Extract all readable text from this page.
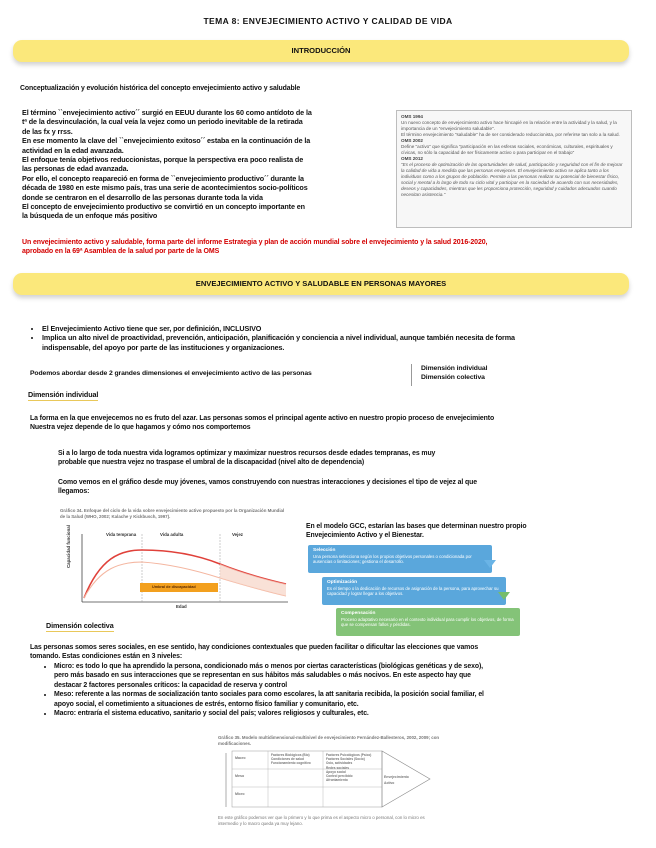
TEMA 8: ENVEJECIMIENTO ACTIVO Y CALIDAD DE VIDA
INTRODUCCIÓN
Conceptualización y evolución histórica del concepto envejecimiento activo y saludable
El término ``envejecimiento activo´´ surgió en EEUU durante los 60 como antídoto de la
tª de la desvinculación, la cual veía la vejez como un periodo inevitable de la retirada
de las fx y rrss.
En ese momento la clave del ``envejecimiento exitoso´´ estaba en la continuación de la
actividad en la edad avanzada.
El enfoque tenía objetivos reduccionistas, porque la perspectiva era poco realista de
las personas de edad avanzada.
Por ello, el concepto reapareció en forma de ``envejecimiento productivo´´ durante la
década de 1980 en este mismo país, tras una serie de acontecimientos socio-políticos
donde se centraron en el desarrollo de las personas durante toda la vida
El concepto de envejecimiento productivo se convirtió en un concepto importante en
la búsqueda de un enfoque más positivo
OMS 1994
Un nuevo concepto de envejecimiento activo hace hincapié en la relación entre la actividad y la salud, y la importancia de un "envejecimiento saludable".
El término envejecimiento "saludable" ha de ser considerado reduccionista, por referirse tan solo a la salud.
OMS 2002
Define "activo" que significa "participación en las esferas sociales, económicas, culturales, espirituales y cívicas, no sólo la capacidad de ser físicamente activo o para participar en el trabajo"
OMS 2012
"Es el proceso de optimización de las oportunidades de salud, participación y seguridad con el fin de mejorar la calidad de vida a medida que las personas envejecen. El envejecimiento activo se aplica tanto a los individuos como a los grupos de población. Permite a las personas realizar su potencial de bienestar físico, social y mental a lo largo de todo su ciclo vital y participar en la sociedad de acuerdo con sus necesidades, deseos y capacidades, mientras que les proporciona protección, seguridad y cuidados adecuados cuando necesitan asistencia."
Un envejecimiento activo y saludable, forma parte del informe Estrategia y plan de acción mundial sobre el envejecimiento y la salud 2016-2020,
aprobado en la 69ª Asamblea de la salud por parte de la OMS
ENVEJECIMIENTO ACTIVO Y SALUDABLE EN PERSONAS MAYORES
• El Envejecimiento Activo tiene que ser, por definición, INCLUSIVO
• Implica un alto nivel de proactividad, prevención, anticipación, planificación y conciencia a nivel individual, aunque también necesita de forma
indispensable, del apoyo por parte de las instituciones y organizaciones.
Podemos abordar desde 2 grandes dimensiones el envejecimiento activo de las personas
Dimensión individual
Dimensión colectiva
Dimensión individual
La forma en la que envejecemos no es fruto del azar. Las personas somos el principal agente activo en nuestro propio proceso de envejecimiento
Nuestra vejez depende de lo que hagamos y cómo nos comportemos
Si a lo largo de toda nuestra vida logramos optimizar y maximizar nuestros recursos desde edades tempranas, es muy
probable que nuestra vejez no traspase el umbral de la discapacidad (nivel alto de dependencia)
Como vemos en el gráfico desde muy jóvenes, vamos construyendo con nuestras interacciones y decisiones el tipo de vejez al que
llegamos:
Gráfico 34. Enfoque del ciclo de la vida sobre envejecimiento activo propuesto por la Organización Mundial de la Salud (WHO, 2002; Kalache y Kickbusch, 1997).
Vida temprana	Vida adulta	Vejez
Capacidad funcional
Edad
Umbral de discapacidad
En el modelo GCC, estarían las bases que determinan nuestro propio
Envejecimiento Activo y el Bienestar.
Selección
Una persona selecciona según los propios objetivos personales o condicionada por ausencias o limitaciones; gestiona el desarrollo.
Optimización
Es el tiempo o la dedicación de recursos de asignación de la persona, para aprovechar su capacidad y lograr llegar a los objetivos.
Compensación
Proceso adaptativo necesario en el contexto individual para cumplir los objetivos, de forma que se compensan fallos y pérdidas.
Dimensión colectiva
Las personas somos seres sociales, en ese sentido, hay condiciones contextuales que pueden facilitar o dificultar las elecciones que vamos
tomando. Estas condiciones están en 3 niveles:
• Micro: es todo lo que ha aprendido la persona, condicionado más o menos por ciertas características (biológicas genéticas y de sexo),
pero más basado en sus interacciones que se representan en sus hábitos más saludables o más nocivos. En este aspecto hay que
destacar 2 factores personales críticos: la capacidad de reserva y control
• Meso: referente a las normas de socialización tanto sociales para como escolares, la att sanitaria recibida, la posición social familiar, el
apoyo social, el cometimiento a situaciones de estrés, entorno físico familiar y comunitario, etc.
• Macro: entraría el sistema educativo, sanitario y social del país; valores religiosos y culturales, etc.
Gráfico 35. Modelo multidimensional-multinivel de envejecimiento Fernández-Ballesteros, 2002, 2009; con modificaciones.
Macro
Meso
Micro
Factores Biológicos (Bio)
Condiciones de salud
Funcionamiento cognitivo
Factores Psicológicos (Psico)
Factores Sociales (Socio)
Ocio, actividades
Redes sociales
Apoyo social
Control percibido
Afrontamiento
Envejecimiento Activo
En este gráfico podemos ver que lo primero y lo que prima es el aspecto micro o personal, con lo micro es intermedio y lo macro queda ya muy lejano.
